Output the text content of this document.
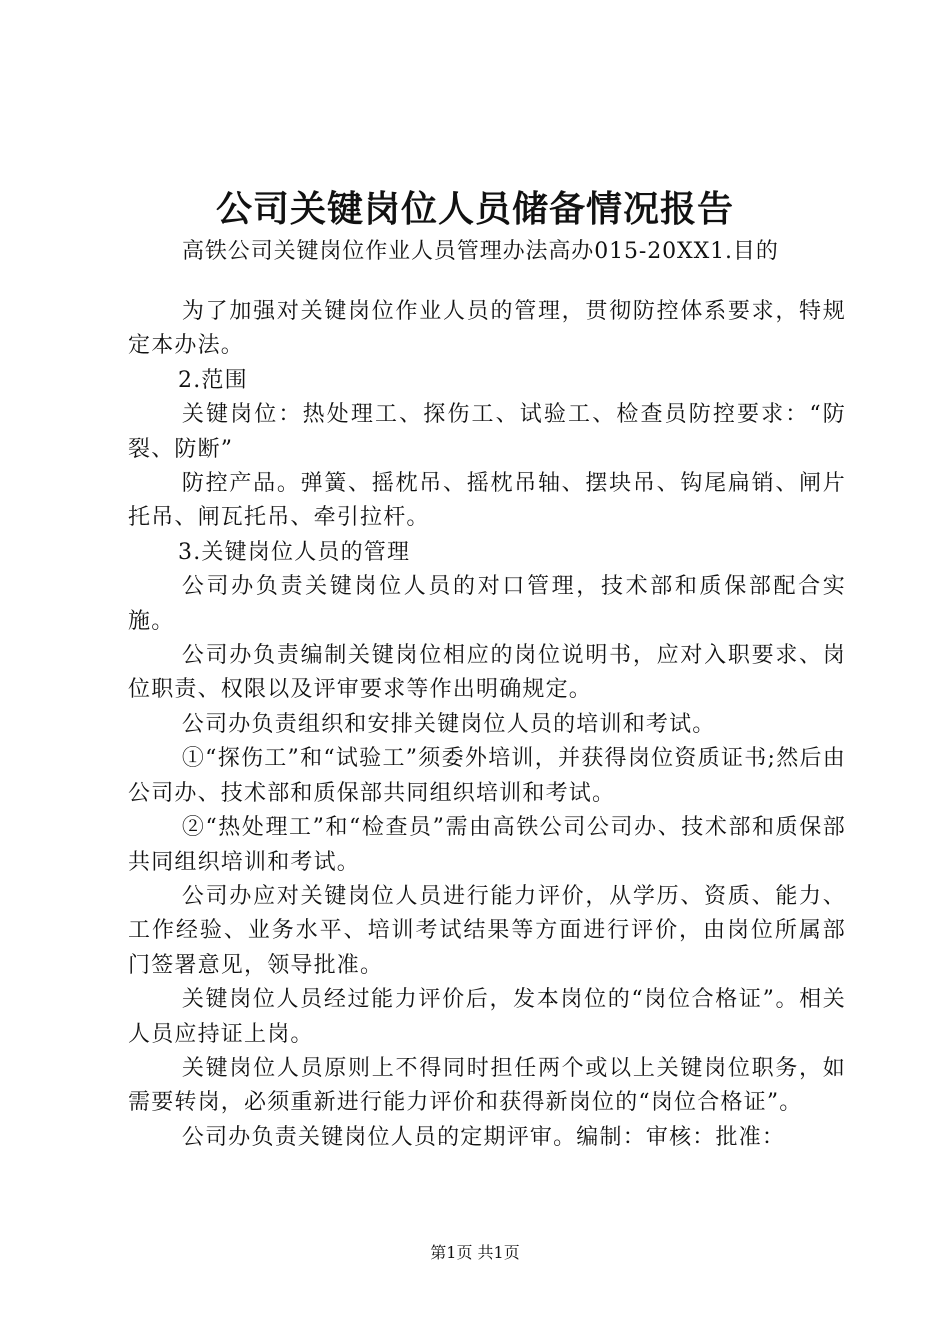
公司关键岗位人员储备情况报告
高铁公司关键岗位作业人员管理办法高办015-20XX1.目的

为了加强对关键岗位作业人员的管理，贯彻防控体系要求，特规定本办法。

2.范围

关键岗位：热处理工、探伤工、试验工、检查员防控要求：“防裂、防断”

防控产品。弹簧、摇枕吊、摇枕吊轴、摆块吊、钩尾扁销、闸片托吊、闸瓦托吊、牵引拉杆。

3.关键岗位人员的管理

公司办负责关键岗位人员的对口管理，技术部和质保部配合实施。

公司办负责编制关键岗位相应的岗位说明书，应对入职要求、岗位职责、权限以及评审要求等作出明确规定。

公司办负责组织和安排关键岗位人员的培训和考试。

①“探伤工”和“试验工”须委外培训，并获得岗位资质证书;然后由公司办、技术部和质保部共同组织培训和考试。

②“热处理工”和“检查员”需由高铁公司公司办、技术部和质保部共同组织培训和考试。

公司办应对关键岗位人员进行能力评价，从学历、资质、能力、工作经验、业务水平、培训考试结果等方面进行评价，由岗位所属部门签署意见，领导批准。

关键岗位人员经过能力评价后，发本岗位的“岗位合格证”。相关人员应持证上岗。

关键岗位人员原则上不得同时担任两个或以上关键岗位职务，如需要转岗，必须重新进行能力评价和获得新岗位的“岗位合格证”。

公司办负责关键岗位人员的定期评审。编制：审核：批准：

第1页 共1页
